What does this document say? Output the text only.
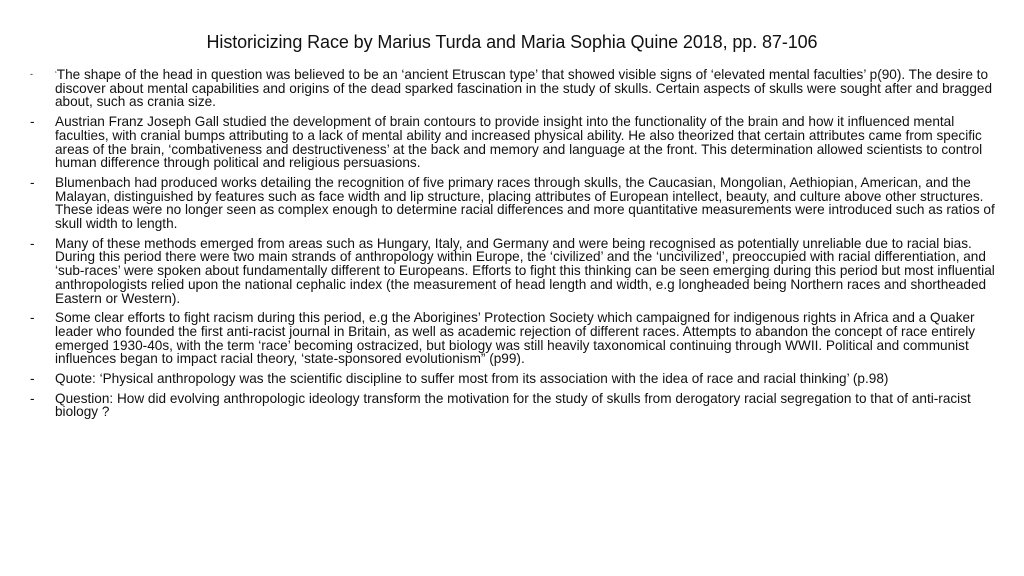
Historicizing Race by Marius Turda and Maria Sophia Quine 2018, pp. 87-106
-	‘The shape of the head in question was believed to be an ‘ancient Etruscan type’ that showed visible signs of ‘elevated mental faculties’ p(90). The desire to discover about mental capabilities and origins of the dead sparked fascination in the study of skulls. Certain aspects of skulls were sought after and bragged about, such as crania size.
-	Austrian Franz Joseph Gall studied the development of brain contours to provide insight into the functionality of the brain and how it influenced mental faculties, with cranial bumps attributing to a lack of mental ability and increased physical ability. He also theorized that certain attributes came from specific areas of the brain, ‘combativeness and destructiveness’ at the back and memory and language at the front. This determination allowed scientists to control human difference through political and religious persuasions.
-	Blumenbach had produced works detailing the recognition of five primary races through skulls, the Caucasian, Mongolian, Aethiopian, American, and the Malayan, distinguished by features such as face width and lip structure, placing attributes of European intellect, beauty, and culture above other structures. These ideas were no longer seen as complex enough to determine racial differences and more quantitative measurements were introduced such as ratios of skull width to length.
-	Many of these methods emerged from areas such as Hungary, Italy, and Germany and were being recognised as potentially unreliable due to racial bias. During this period there were two main strands of anthropology within Europe, the ‘civilized’ and the ‘uncivilized’, preoccupied with racial differentiation, and ‘sub-races’ were spoken about fundamentally different to Europeans. Efforts to fight this thinking can be seen emerging during this period but most influential anthropologists relied upon the national cephalic index (the measurement of head length and width, e.g longheaded being Northern races and shortheaded Eastern or Western).
-	Some clear efforts to fight racism during this period, e.g the Aborigines’ Protection Society which campaigned for indigenous rights in Africa and a Quaker leader who founded the first anti-racist journal in Britain, as well as academic rejection of different races. Attempts to abandon the concept of race entirely emerged 1930-40s, with the term ‘race’ becoming ostracized, but biology was still heavily taxonomical continuing through WWII. Political and communist influences began to impact racial theory, ‘state-sponsored evolutionism” (p99).
-	Quote: ‘Physical anthropology was the scientific discipline to suffer most from its association with the idea of race and racial thinking’ (p.98)
-	Question: How did evolving anthropologic ideology transform the motivation for the study of skulls from derogatory racial segregation to that of anti-racist biology ?
